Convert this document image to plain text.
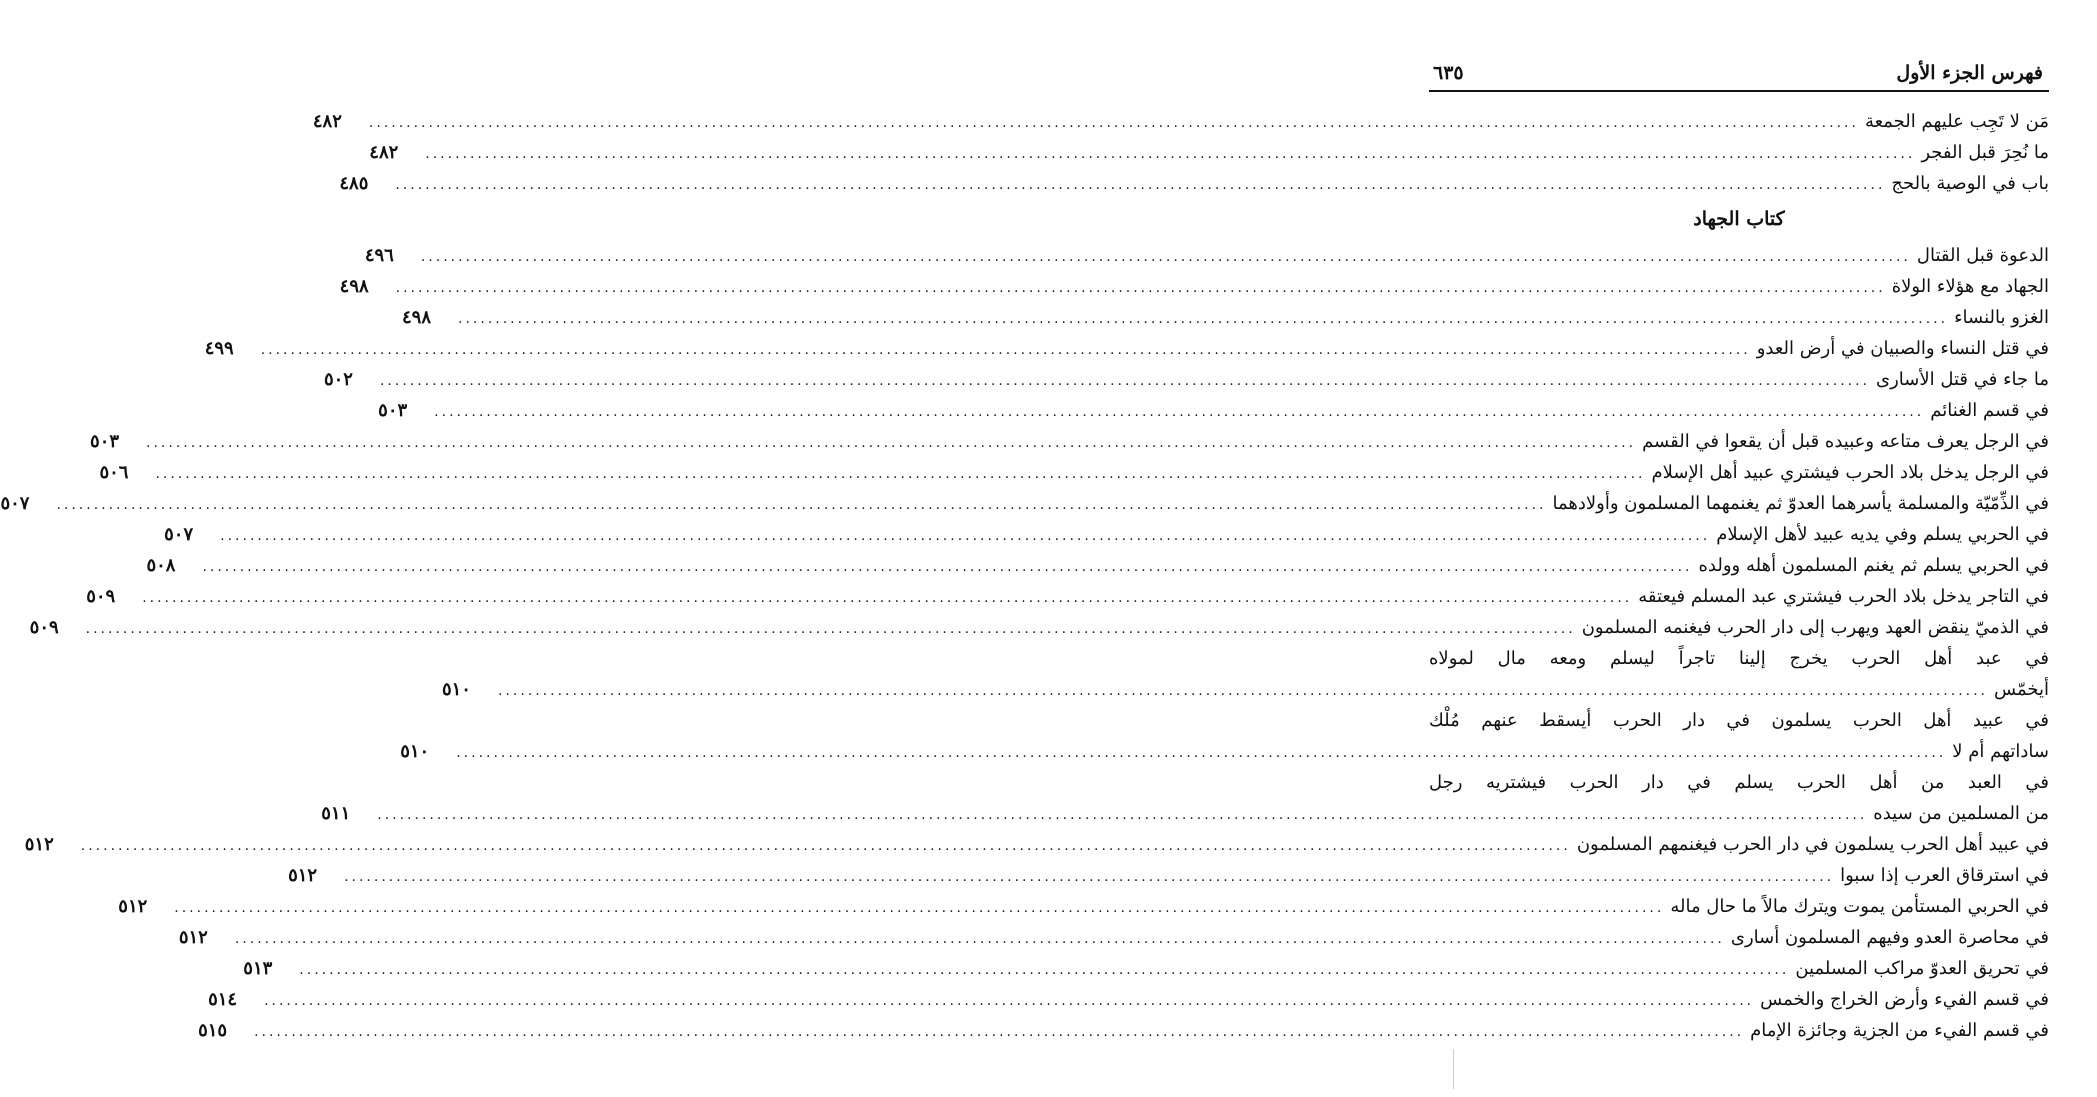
فهرس الجزء الأول
٦٣٥
مَن لا تَجِب عليهم الجمعة
........................................................................................................................................................................................................
٤٨٢
ما نُحِرَ قبل الفجر
........................................................................................................................................................................................................
٤٨٢
باب في الوصية بالحج
........................................................................................................................................................................................................
٤٨٥
كتاب الجهاد
الدعوة قبل القتال
........................................................................................................................................................................................................
٤٩٦
الجهاد مع هؤلاء الولاة
........................................................................................................................................................................................................
٤٩٨
الغزو بالنساء
........................................................................................................................................................................................................
٤٩٨
في قتل النساء والصبيان في أرض العدو
........................................................................................................................................................................................................
٤٩٩
ما جاء في قتل الأسارى
........................................................................................................................................................................................................
٥٠٢
في قسم الغنائم
........................................................................................................................................................................................................
٥٠٣
في الرجل يعرف متاعه وعبيده قبل أن يقعوا في القسم
........................................................................................................................................................................................................
٥٠٣
في الرجل يدخل بلاد الحرب فيشتري عبيد أهل الإسلام
........................................................................................................................................................................................................
٥٠٦
في الذِّمّيّة والمسلمة يأسرهما العدوّ ثم يغنمهما المسلمون وأولادهما
........................................................................................................................................................................................................
٥٠٧
في الحربي يسلم وفي يديه عبيد لأهل الإسلام
........................................................................................................................................................................................................
٥٠٧
في الحربي يسلم ثم يغنم المسلمون أهله وولده
........................................................................................................................................................................................................
٥٠٨
في التاجر يدخل بلاد الحرب فيشتري عبد المسلم فيعتقه
........................................................................................................................................................................................................
٥٠٩
في الذميّ ينقض العهد ويهرب إلى دار الحرب فيغنمه المسلمون
........................................................................................................................................................................................................
٥٠٩
في عبد أهل الحرب يخرج إلينا تاجراً ليسلم ومعه مال لمولاه
أيخمّس
........................................................................................................................................................................................................
٥١٠
في عبيد أهل الحرب يسلمون في دار الحرب أيسقط عنهم مُلْك
ساداتهم أم لا
........................................................................................................................................................................................................
٥١٠
في العبد من أهل الحرب يسلم في دار الحرب فيشتريه رجل
من المسلمين من سيده
........................................................................................................................................................................................................
٥١١
في عبيد أهل الحرب يسلمون في دار الحرب فيغنمهم المسلمون
........................................................................................................................................................................................................
٥١٢
في استرقاق العرب إذا سبوا
........................................................................................................................................................................................................
٥١٢
في الحربي المستأمن يموت ويترك مالاً ما حال ماله
........................................................................................................................................................................................................
٥١٢
في محاصرة العدو وفيهم المسلمون أسارى
........................................................................................................................................................................................................
٥١٢
في تحريق العدوّ مراكب المسلمين
........................................................................................................................................................................................................
٥١٣
في قسم الفيء وأرض الخراج والخمس
........................................................................................................................................................................................................
٥١٤
في قسم الفيء من الجزية وجائزة الإمام
........................................................................................................................................................................................................
٥١٥
